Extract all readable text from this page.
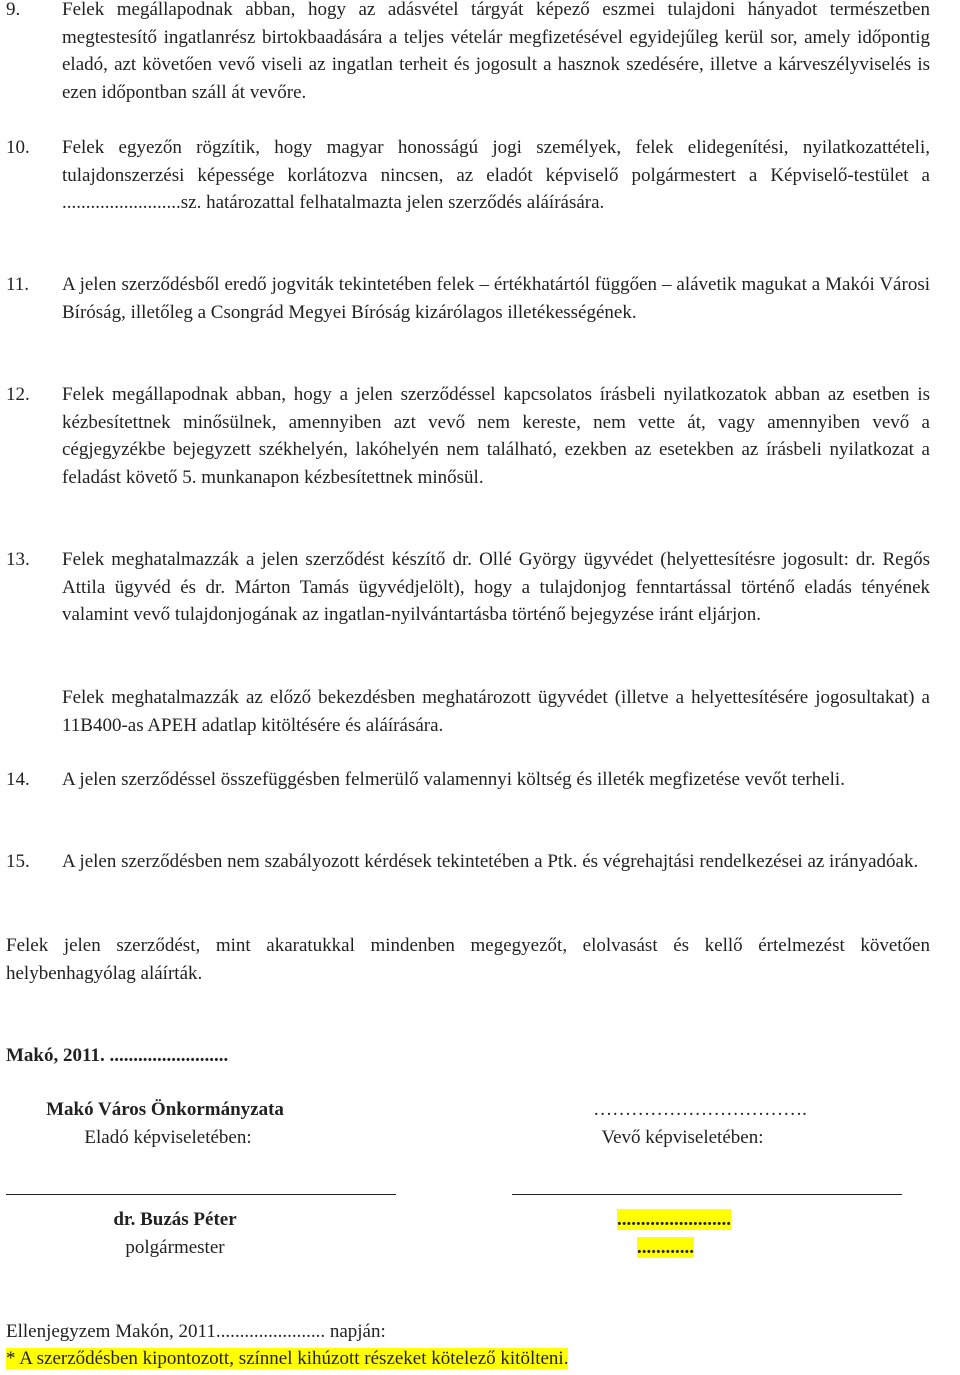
9. Felek megállapodnak abban, hogy az adásvétel tárgyát képező eszmei tulajdoni hányadot természetben megtestesítő ingatlanrész birtokbaadására a teljes vételár megfizetésével egyidejűleg kerül sor, amely időpontig eladó, azt követően vevő viseli az ingatlan terheit és jogosult a hasznok szedésére, illetve a kárveszélyviselés is ezen időpontban száll át vevőre.
10. Felek egyezőn rögzítik, hogy magyar honosságú jogi személyek, felek elidegenítési, nyilatkozattételi, tulajdonszerzési képessége korlátozva nincsen, az eladót képviselő polgármestert a Képviselő-testület a .........................sz. határozattal felhatalmazta jelen szerződés aláírására.
11. A jelen szerződésből eredő jogviták tekintetében felek – értékhatártól függően – alávetik magukat a Makói Városi Bíróság, illetőleg a Csongrád Megyei Bíróság kizárólagos illetékességének.
12. Felek megállapodnak abban, hogy a jelen szerződéssel kapcsolatos írásbeli nyilatkozatok abban az esetben is kézbesítettnek minősülnek, amennyiben azt vevő nem kereste, nem vette át, vagy amennyiben vevő a cégjegyzékbe bejegyzett székhelyén, lakóhelyén nem található, ezekben az esetekben az írásbeli nyilatkozat a feladást követő 5. munkanapon kézbesítettnek minősül.
13. Felek meghatalmazzák a jelen szerződést készítő dr. Ollé György ügyvédet (helyettesítésre jogosult: dr. Regős Attila ügyvéd és dr. Márton Tamás ügyvédjelölt), hogy a tulajdonjog fenntartással történő eladás tényének valamint vevő tulajdonjogának az ingatlan-nyilvántartásba történő bejegyzése iránt eljárjon.
Felek meghatalmazzák az előző bekezdésben meghatározott ügyvédet (illetve a helyettesítésére jogosultakat) a 11B400-as APEH adatlap kitöltésére és aláírására.
14. A jelen szerződéssel összefüggésben felmerülő valamennyi költség és illeték megfizetése vevőt terheli.
15. A jelen szerződésben nem szabályozott kérdések tekintetében a Ptk. és végrehajtási rendelkezései az irányadóak.
Felek jelen szerződést, mint akaratukkal mindenben megegyezőt, elolvasást és kellő értelmezést követően helybenhagyólag aláírták.
Makó, 2011. .........................
Makó Város Önkormányzata
Eladó képviseletében:
…………………………….
Vevő képviseletében:
dr. Buzás Péter
polgármester
........................
............
Ellenjegyzem Makón, 2011....................... napján:
* A szerződésben kipontozott, színnel kihúzott részeket kötelező kitölteni.
